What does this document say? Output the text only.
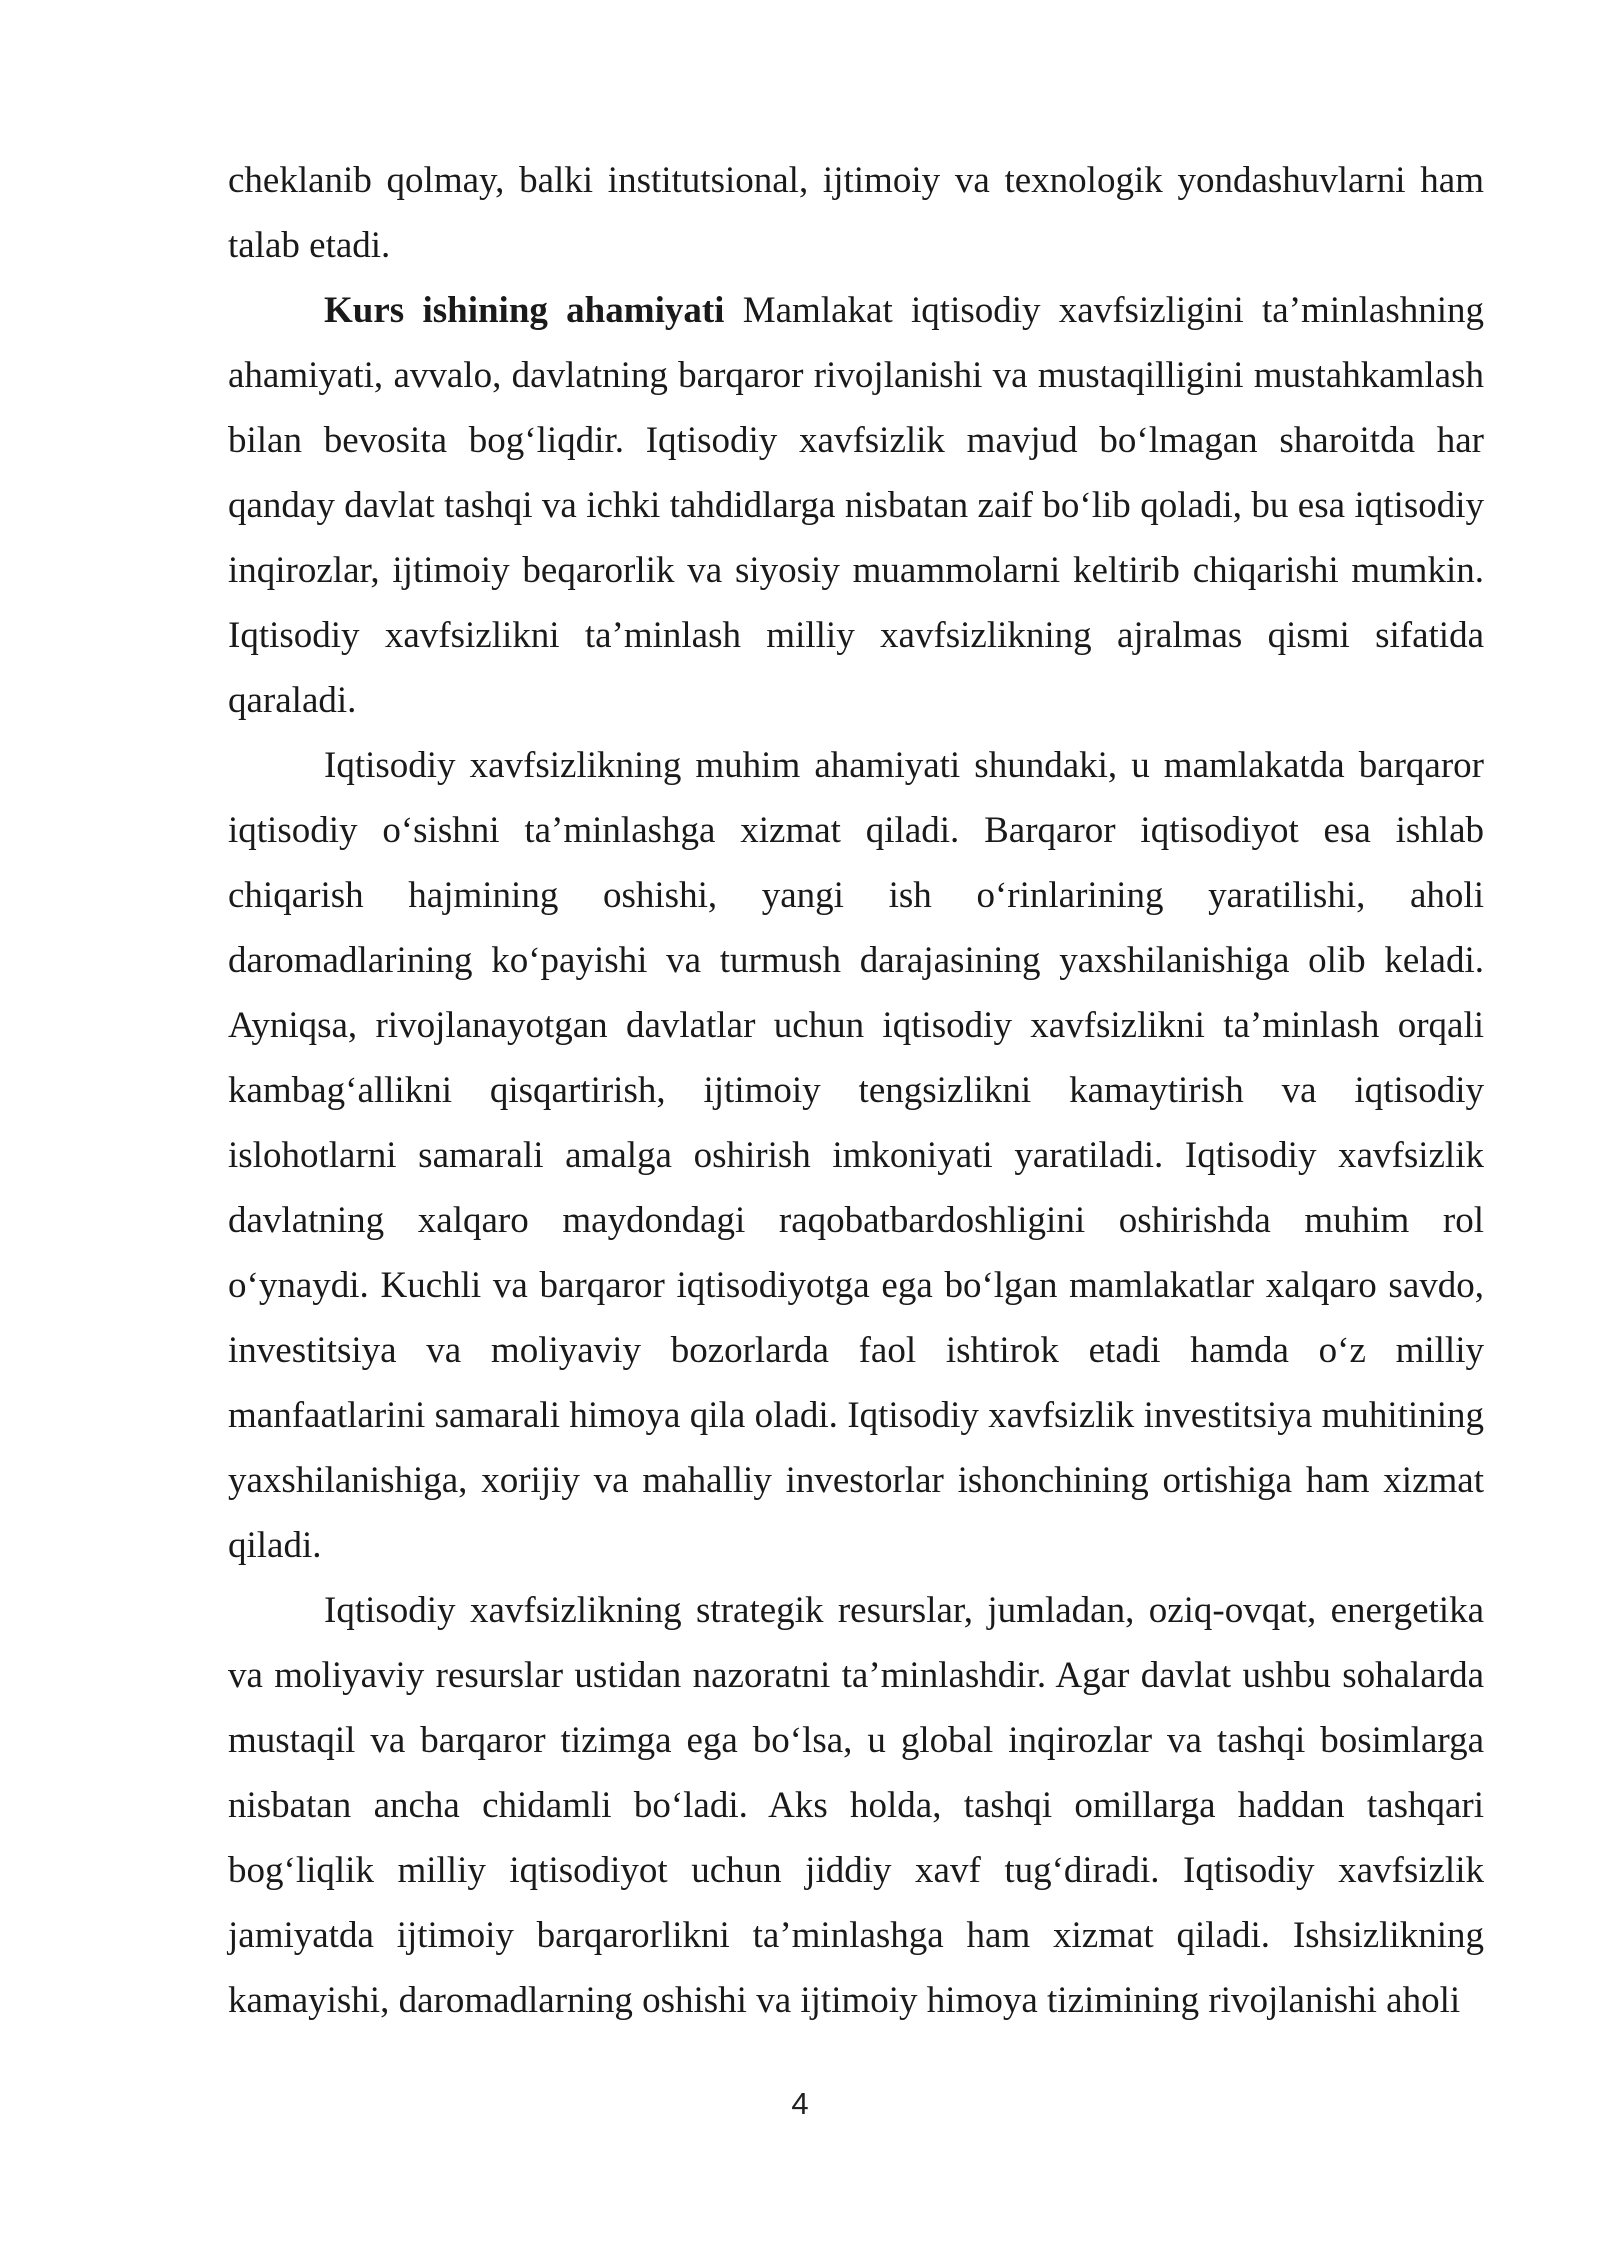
cheklanib qolmay, balki institutsional, ijtimoiy va texnologik yondashuvlarni ham talab etadi.

Kurs ishining ahamiyati Mamlakat iqtisodiy xavfsizligini ta’minlashning ahamiyati, avvalo, davlatning barqaror rivojlanishi va mustaqilligini mustahkamlash bilan bevosita bog‘liqdir. Iqtisodiy xavfsizlik mavjud bo‘lmagan sharoitda har qanday davlat tashqi va ichki tahdidlarga nisbatan zaif bo‘lib qoladi, bu esa iqtisodiy inqirozlar, ijtimoiy beqarorlik va siyosiy muammolarni keltirib chiqarishi mumkin. Iqtisodiy xavfsizlikni ta’minlash milliy xavfsizlikning ajralmas qismi sifatida qaraladi.

Iqtisodiy xavfsizlikning muhim ahamiyati shundaki, u mamlakatda barqaror iqtisodiy o‘sishni ta’minlashga xizmat qiladi. Barqaror iqtisodiyot esa ishlab chiqarish hajmining oshishi, yangi ish o‘rinlarining yaratilishi, aholi daromadlarining ko‘payishi va turmush darajasining yaxshilanishiga olib keladi. Ayniqsa, rivojlanayotgan davlatlar uchun iqtisodiy xavfsizlikni ta’minlash orqali kambag‘allikni qisqartirish, ijtimoiy tengsizlikni kamaytirish va iqtisodiy islohotlarni samarali amalga oshirish imkoniyati yaratiladi. Iqtisodiy xavfsizlik davlatning xalqaro maydondagi raqobatbardoshligini oshirishda muhim rol o‘ynaydi. Kuchli va barqaror iqtisodiyotga ega bo‘lgan mamlakatlar xalqaro savdo, investitsiya va moliyaviy bozorlarda faol ishtirok etadi hamda o‘z milliy manfaatlarini samarali himoya qila oladi. Iqtisodiy xavfsizlik investitsiya muhitining yaxshilanishiga, xorijiy va mahalliy investorlar ishonchining ortishiga ham xizmat qiladi.

Iqtisodiy xavfsizlikning strategik resurslar, jumladan, oziq-ovqat, energetika va moliyaviy resurslar ustidan nazoratni ta’minlashdir. Agar davlat ushbu sohalarda mustaqil va barqaror tizimga ega bo‘lsa, u global inqirozlar va tashqi bosimlarga nisbatan ancha chidamli bo‘ladi. Aks holda, tashqi omillarga haddan tashqari bog‘liqlik milliy iqtisodiyot uchun jiddiy xavf tug‘diradi. Iqtisodiy xavfsizlik jamiyatda ijtimoiy barqarorlikni ta’minlashga ham xizmat qiladi. Ishsizlikning kamayishi, daromadlarning oshishi va ijtimoiy himoya tizimining rivojlanishi aholi

4
